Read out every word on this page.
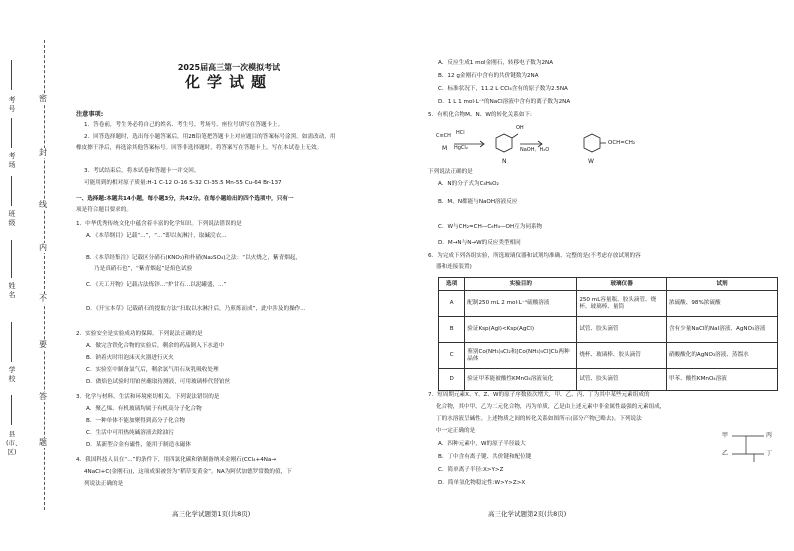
密
封
线
内
不
要
答
题
考号
考场
班级
姓名
学校
县(市、区)
2025届高三第一次模拟考试
化学试题
注意事项:
1．答卷前，考生务必将自己的姓名、考生号、考场号、座位号填写在答题卡上。
2．回答选择题时，选出每小题答案后，用2B铅笔把答题卡上对应题目的答案标号涂黑。如需改动，用
橡皮擦干净后，再选涂其他答案标号。回答非选择题时，将答案写在答题卡上。写在本试卷上无效。
3．考试结束后，将本试卷和答题卡一并交回。
可能用到的相对原子质量:H-1 C-12 O-16 S-32 Cl-35.5 Mn-55 Cu-64 Br-137
一、选择题:本题共14小题，每小题3分，共42分。在每小题给出的四个选项中，只有一
项是符合题目要求的。
1．中华优秀传统文化中蕴含着丰富的化学知识。下列说法错误的是
A．《本草纲目》记载“...”，“...”即以灰淋汁，取碱浣衣...
B．《本草经集注》记载区分硝石(KNO₃)和朴硝(Na₂SO₄)之法：“以火烧之，紫青烟起，
乃是真硝石也”，“紫青烟起”是焰色试验
C．《天工开物》记载古法炼锌...“炉甘石...以泥罐盛，...”
D．《开宝本草》记载硝石的提取方法“扫取以水淋汁后，乃煎炼而成”，此中涉及的操作...
2．实验安全是实验成功的保障。下列说法正确的是
A．做完含铁化合物的实验后，剩余的药品倒入下水道中
B．钠着火时用泡沫灭火器进行灭火
C．实验室中制备氯气后，剩余氯气用石灰乳吸收处理
D．做焰色试验时用铂丝蘸取待测液，可用玻璃棒代替铂丝
3．化学与材料、生活和环境密切相关。下列说法错误的是
A．聚乙烯、有机玻璃均属于有机高分子化合物
B．一种单体不能加聚得到高分子化合物
C．生活中可用热纯碱溶液去除油污
D．某新型合金有磁性，能用于制造永磁体
4．我国科技人员在“...”的条件下，用四氯化碳和钠制备纳米金刚石(CCl₄+4Na→
4NaCl+C(金刚石))，这项成果被誉为“稻草变黄金”。NA为阿伏加德罗常数的值，下
列说法正确的是
高三化学试题第1页(共8页)
A．反应生成1 mol金刚石，转移电子数为2NA
B．12 g金刚石中含有的共价键数为2NA
C．标准状况下，11.2 L CCl₄含有的原子数为2.5NA
D．1 L 1 mol·L⁻¹的NaCl溶液中含有的离子数为2NA
5．有机化合物M、N、W的转化关系如下:
C≡CH
M
HCl
HgCl₂
OH
N
NaOH、H₂O
OCH=CH₂
W
下列说法正确的是
A．N的分子式为C₈H₈O₂
B．M、N都能与NaOH溶液反应
C．W与CH₂=CH—C₆H₄—OH互为同系物
D．M→N与N→W的反应类型相同
6．为完成下列各组实验，所选玻璃仪器和试剂均准确、完整的是(不考虑存放试剂的容
器和连接装置)
选项	实验目的	玻璃仪器	试剂
A	配制250 mL 2 mol·L⁻¹硫酸溶液	250 mL容量瓶、胶头滴管、烧杯、玻璃棒、量筒	浓硫酸、98%浓硫酸
B	验证Ksp(AgI)<Ksp(AgCl)	试管、胶头滴管	含有少量NaCl的NaI溶液、AgNO₃溶液
C	鉴别Co(NH₃)₄Cl₂和[Co(NH₃)₅Cl]Cl₂两种晶体	烧杯、玻璃棒、胶头滴管	硝酸酸化的AgNO₃溶液、蒸馏水
D	验证甲苯能被酸性KMnO₄溶液氧化	试管、胶头滴管	甲苯、酸性KMnO₄溶液
7．短周期元素X、Y、Z、W的原子序数依次增大，甲、乙、丙、丁为其中某些元素组成的
化合物，其中甲、乙为二元化合物，丙为单质，乙是由上述元素中非金属性最强的元素组成，
丁的水溶液呈碱性。上述物质之间的转化关系如图所示(部分产物已略去)。下列说法
中一定正确的是
甲
乙
丙
丁
A．四种元素中，W的原子半径最大
B．丁中含有离子键、共价键和配位键
C．简单离子半径:X>Y>Z
D．简单氢化物稳定性:W>Y>Z>X
高三化学试题第2页(共8页)
